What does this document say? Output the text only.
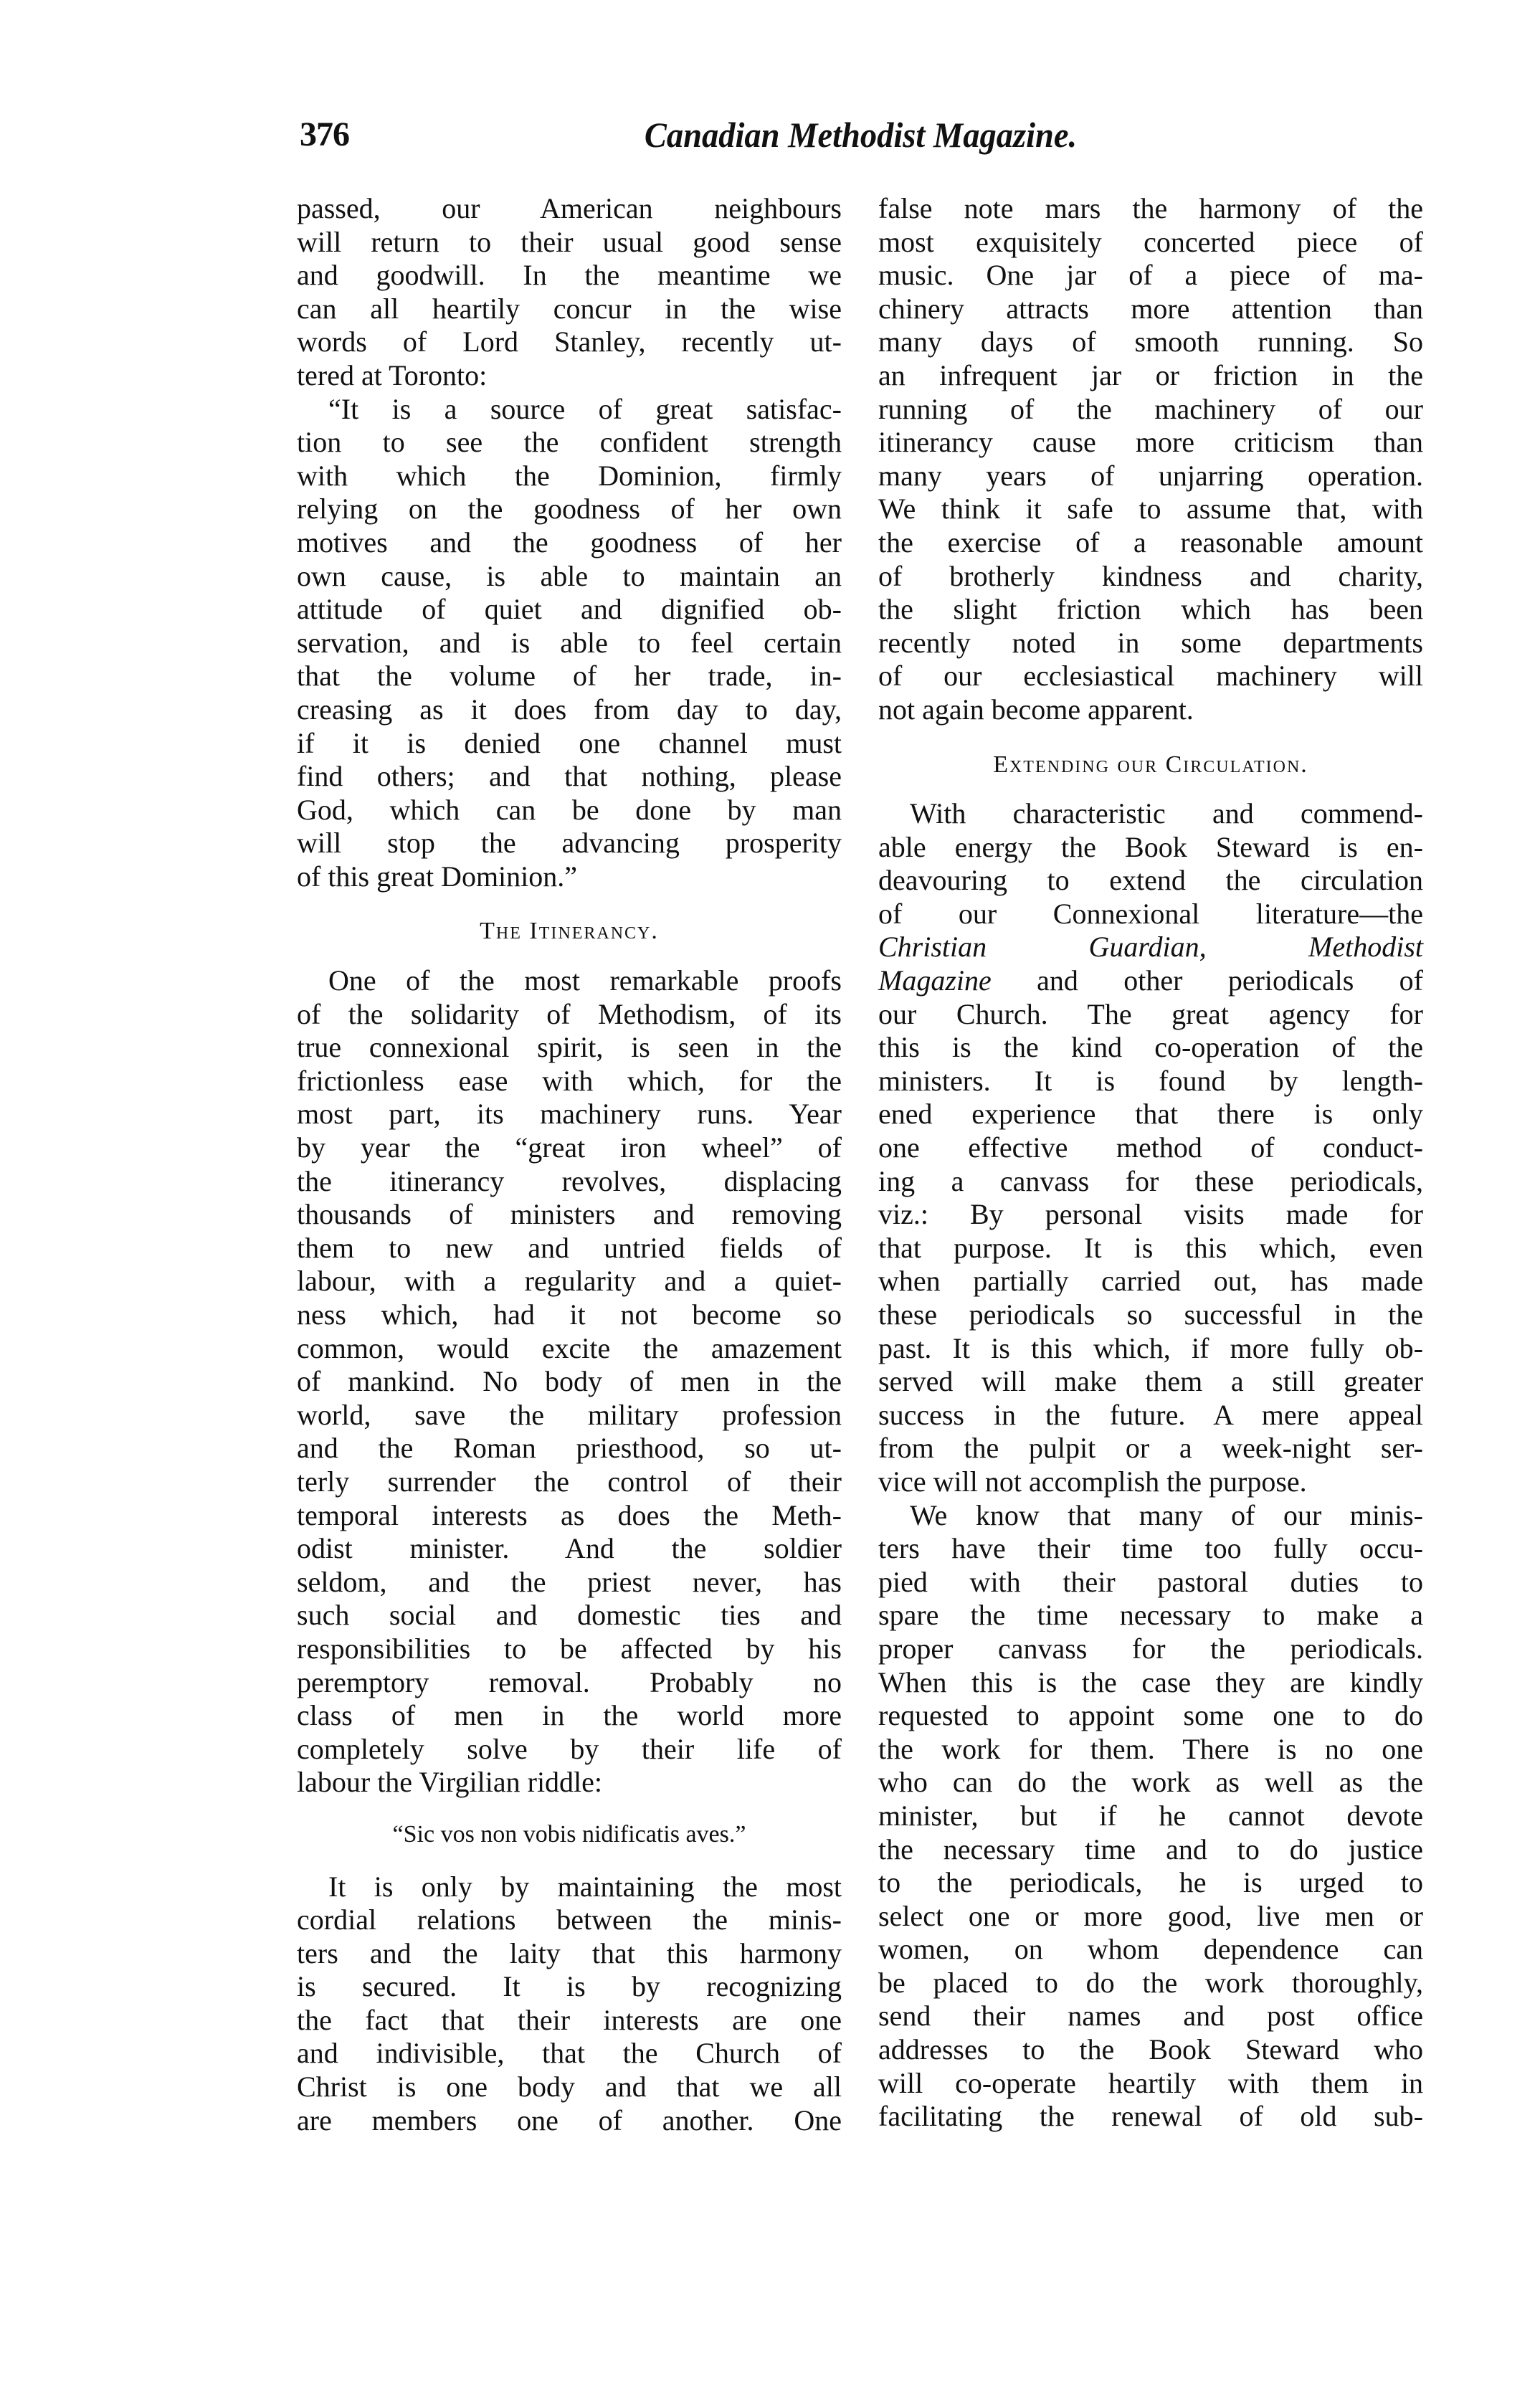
376	Canadian Methodist Magazine.
passed, our American neighbours
will return to their usual good sense
and goodwill. In the meantime we
can all heartily concur in the wise
words of Lord Stanley, recently ut-
tered at Toronto:
“It is a source of great satisfac-
tion to see the confident strength
with which the Dominion, firmly
relying on the goodness of her own
motives and the goodness of her
own cause, is able to maintain an
attitude of quiet and dignified ob-
servation, and is able to feel certain
that the volume of her trade, in-
creasing as it does from day to day,
if it is denied one channel must
find others; and that nothing, please
God, which can be done by man
will stop the advancing prosperity
of this great Dominion.”
The Itinerancy.
One of the most remarkable proofs
of the solidarity of Methodism, of its
true connexional spirit, is seen in the
frictionless ease with which, for the
most part, its machinery runs. Year
by year the “great iron wheel” of
the itinerancy revolves, displacing
thousands of ministers and removing
them to new and untried fields of
labour, with a regularity and a quiet-
ness which, had it not become so
common, would excite the amazement
of mankind. No body of men in the
world, save the military profession
and the Roman priesthood, so ut-
terly surrender the control of their
temporal interests as does the Meth-
odist minister. And the soldier
seldom, and the priest never, has
such social and domestic ties and
responsibilities to be affected by his
peremptory removal. Probably no
class of men in the world more
completely solve by their life of
labour the Virgilian riddle:
“Sic vos non vobis nidificatis aves.”
It is only by maintaining the most
cordial relations between the minis-
ters and the laity that this harmony
is secured. It is by recognizing
the fact that their interests are one
and indivisible, that the Church of
Christ is one body and that we all
are members one of another. One
false note mars the harmony of the
most exquisitely concerted piece of
music. One jar of a piece of ma-
chinery attracts more attention than
many days of smooth running. So
an infrequent jar or friction in the
running of the machinery of our
itinerancy cause more criticism than
many years of unjarring operation.
We think it safe to assume that, with
the exercise of a reasonable amount
of brotherly kindness and charity,
the slight friction which has been
recently noted in some departments
of our ecclesiastical machinery will
not again become apparent.
Extending our Circulation.
With characteristic and commend-
able energy the Book Steward is en-
deavouring to extend the circulation
of our Connexional literature—the
Christian	Guardian,	Methodist
Magazine and other periodicals of
our Church. The great agency for
this is the kind co-operation of the
ministers. It is found by length-
ened experience that there is only
one effective method of conduct-
ing a canvass for these periodicals,
viz.: By personal visits made for
that purpose. It is this which, even
when partially carried out, has made
these periodicals so successful in the
past. It is this which, if more fully ob-
served will make them a still greater
success in the future. A mere appeal
from the pulpit or a week-night ser-
vice will not accomplish the purpose.
We know that many of our minis-
ters have their time too fully occu-
pied with their pastoral duties to
spare the time necessary to make a
proper canvass for the periodicals.
When this is the case they are kindly
requested to appoint some one to do
the work for them. There is no one
who can do the work as well as the
minister, but if he cannot devote
the necessary time and to do justice
to the periodicals, he is urged to
select one or more good, live men or
women, on whom dependence can
be placed to do the work thoroughly,
send their names and post office
addresses to the Book Steward who
will co-operate heartily with them in
facilitating the renewal of old sub-
